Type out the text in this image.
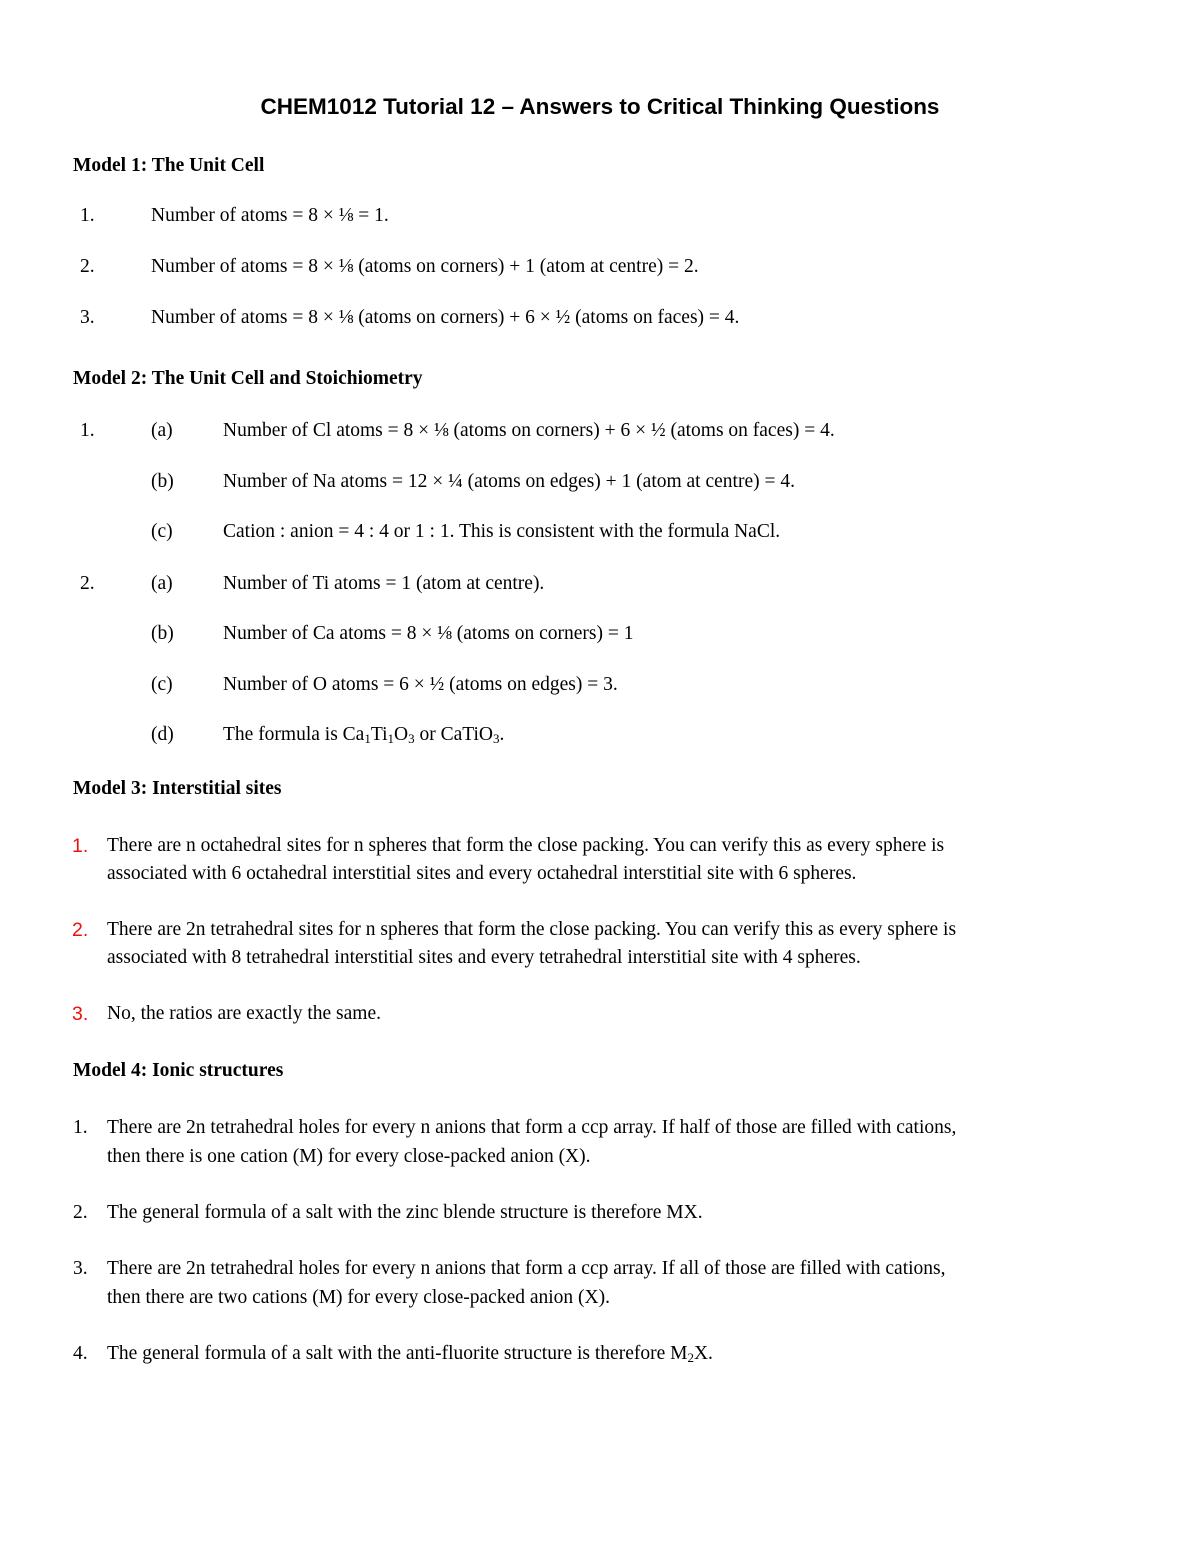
CHEM1012 Tutorial 12 – Answers to Critical Thinking Questions
Model 1: The Unit Cell
1.	Number of atoms = 8 × ⅛ = 1.
2.	Number of atoms = 8 × ⅛ (atoms on corners) + 1 (atom at centre) = 2.
3.	Number of atoms = 8 × ⅛ (atoms on corners) + 6 × ½ (atoms on faces) = 4.
Model 2: The Unit Cell and Stoichiometry
1.	(a)	Number of Cl atoms = 8 × ⅛ (atoms on corners) + 6 × ½ (atoms on faces) = 4.
(b)	Number of Na atoms = 12 × ¼ (atoms on edges) + 1 (atom at centre) = 4.
(c)	Cation : anion = 4 : 4 or 1 : 1. This is consistent with the formula NaCl.
2.	(a)	Number of Ti atoms = 1 (atom at centre).
(b)	Number of Ca atoms = 8 × ⅛ (atoms on corners) = 1
(c)	Number of O atoms = 6 × ½ (atoms on edges) = 3.
(d)	The formula is $Ca_1Ti_1O_3$ or CaTiO$_3$.
Model 3: Interstitial sites
1. There are n octahedral sites for n spheres that form the close packing. You can verify this as every sphere is
associated with 6 octahedral interstitial sites and every octahedral interstitial site with 6 spheres.
2. There are 2n tetrahedral sites for n spheres that form the close packing. You can verify this as every sphere is
associated with 8 tetrahedral interstitial sites and every tetrahedral interstitial site with 4 spheres.
3. No, the ratios are exactly the same.
Model 4: Ionic structures
1. There are 2n tetrahedral holes for every n anions that form a ccp array. If half of those are filled with cations,
then there is one cation (M) for every close-packed anion (X).
2. The general formula of a salt with the zinc blende structure is therefore MX.
3. There are 2n tetrahedral holes for every n anions that form a ccp array. If all of those are filled with cations,
then there are two cations (M) for every close-packed anion (X).
4. The general formula of a salt with the anti-fluorite structure is therefore $M_2X$.
